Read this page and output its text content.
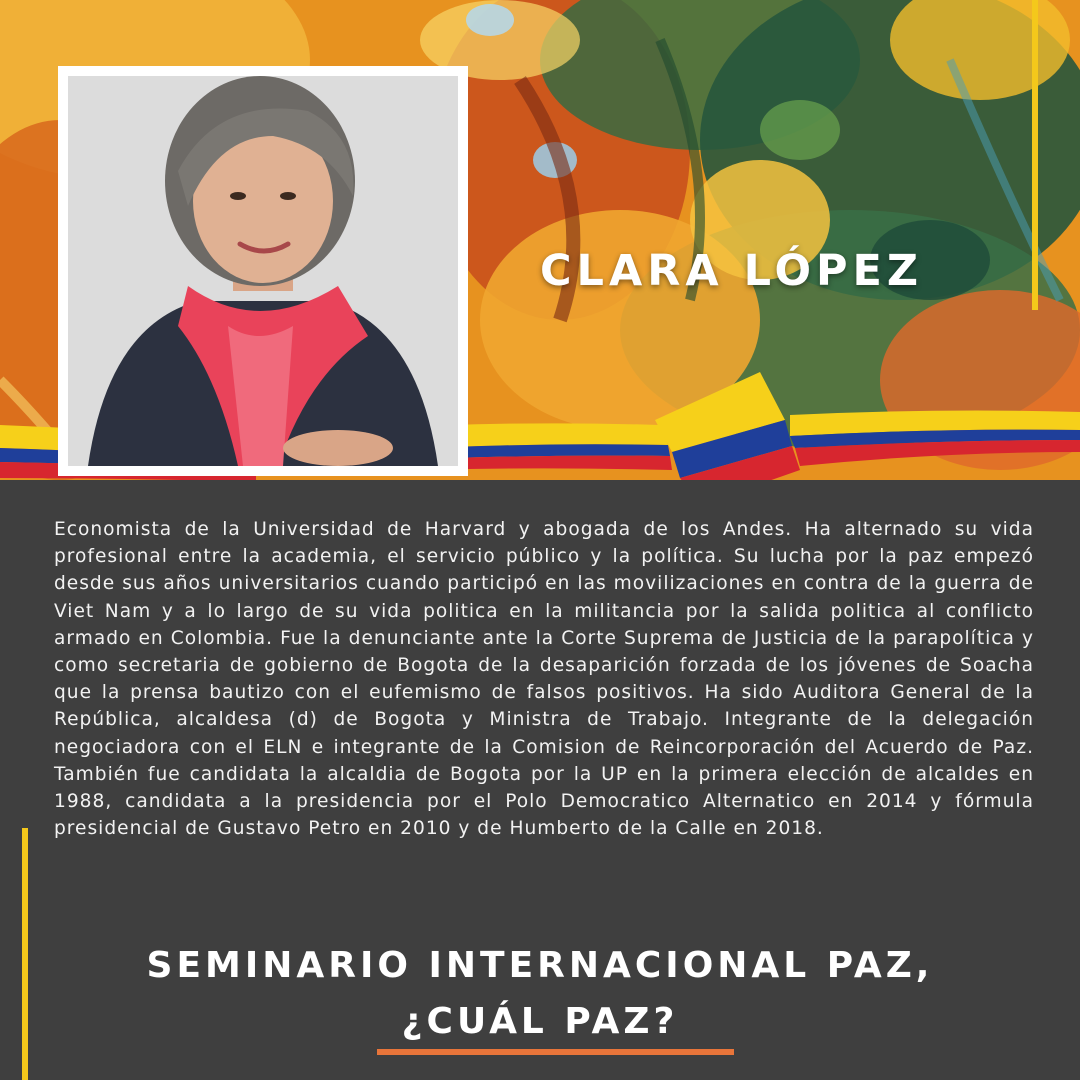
CLARA LÓPEZ

Economista de la Universidad de Harvard y abogada de los Andes. Ha alternado su vida profesional entre la academia, el servicio público y la política. Su lucha por la paz empezó desde sus años universitarios cuando participó en las movilizaciones en contra de la guerra de Viet Nam y a lo largo de su vida politica en la militancia por la salida politica al conflicto armado en Colombia. Fue la denunciante ante la Corte Suprema de Justicia de la parapolítica y como secretaria de gobierno de Bogota de la desaparición forzada de los jóvenes de Soacha que la prensa bautizo con el eufemismo de falsos positivos. Ha sido Auditora General de la República, alcaldesa (d) de Bogota y Ministra de Trabajo. Integrante de la delegación negociadora con el ELN e integrante de la Comision de Reincorporación del Acuerdo de Paz. También fue candidata la alcaldia de Bogota por la UP en la primera elección de alcaldes en 1988, candidata a la presidencia por el Polo Democratico Alternatico en 2014 y fórmula presidencial de Gustavo Petro en 2010 y de Humberto de la Calle en 2018.

SEMINARIO INTERNACIONAL PAZ,
¿CUÁL PAZ?
